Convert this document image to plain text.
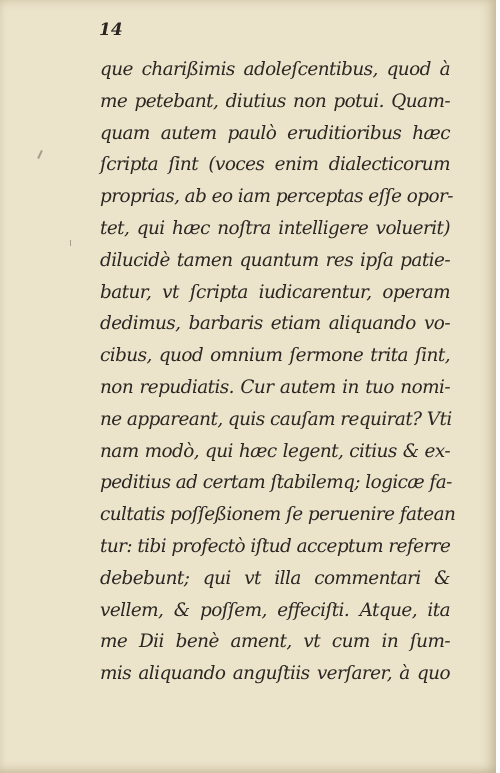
14
que charißimis adoleſcentibus, quod à
me petebant, diutius non potui. Quam-
quam autem paulò eruditioribus hæc
ſcripta ſint (voces enim dialecticorum
proprias, ab eo iam perceptas eſſe opor-
tet, qui hæc noſtra intelligere voluerit)
dilucidè tamen quantum res ipſa patie-
batur, vt ſcripta iudicarentur, operam
dedimus, barbaris etiam aliquando vo-
cibus, quod omnium ſermone trita ſint,
non repudiatis. Cur autem in tuo nomi-
ne appareant, quis cauſam requirat? Vti
nam modò, qui hæc legent, citius & ex-
peditius ad certam ſtabilemq; logicæ fa-
cultatis poſſeßionem ſe peruenire fatean
tur: tibi profectò iſtud acceptum referre
debebunt; qui vt illa commentari &
vellem, & poſſem, effeciſti. Atque, ita
me Dii benè ament, vt cum in ſum-
mis aliquando anguſtiis verſarer, à quo
